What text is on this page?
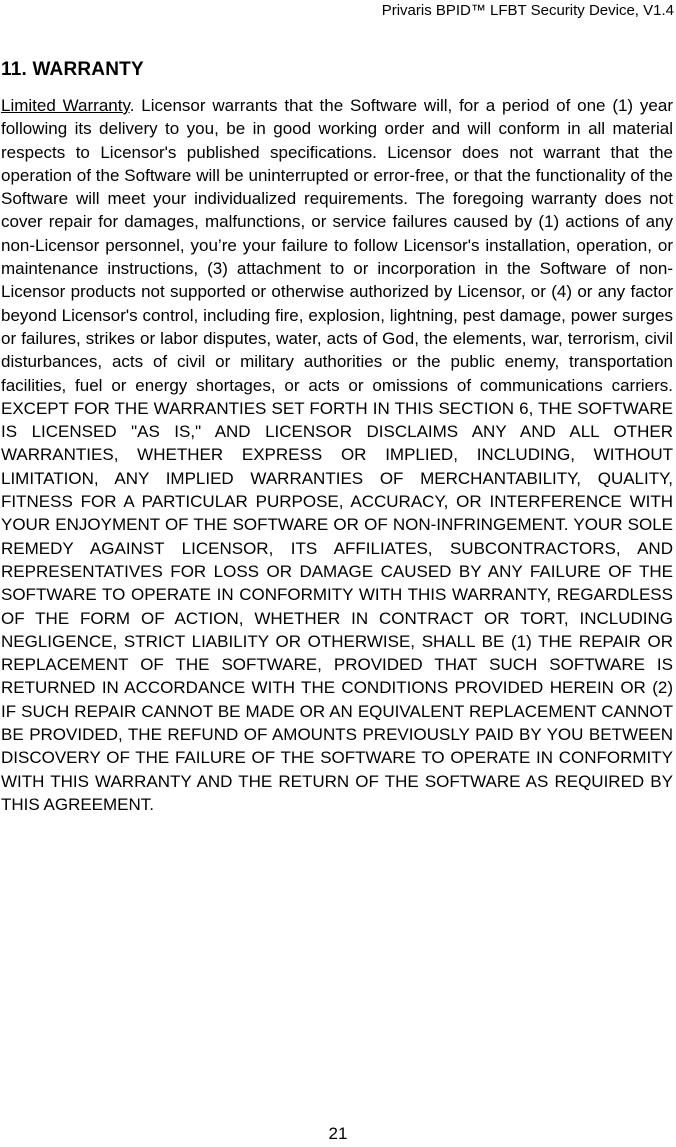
Privaris BPID™ LFBT Security Device, V1.4
11. WARRANTY

Limited Warranty. Licensor warrants that the Software will, for a period of one (1) year following its delivery to you, be in good working order and will conform in all material respects to Licensor's published specifications. Licensor does not warrant that the operation of the Software will be uninterrupted or error-free, or that the functionality of the Software will meet your individualized requirements. The foregoing warranty does not cover repair for damages, malfunctions, or service failures caused by (1) actions of any non-Licensor personnel, you’re your failure to follow Licensor's installation, operation, or maintenance instructions, (3) attachment to or incorporation in the Software of non-Licensor products not supported or otherwise authorized by Licensor, or (4) or any factor beyond Licensor's control, including fire, explosion, lightning, pest damage, power surges or failures, strikes or labor disputes, water, acts of God, the elements, war, terrorism, civil disturbances, acts of civil or military authorities or the public enemy, transportation facilities, fuel or energy shortages, or acts or omissions of communications carriers. EXCEPT FOR THE WARRANTIES SET FORTH IN THIS SECTION 6, THE SOFTWARE IS LICENSED "AS IS," AND LICENSOR DISCLAIMS ANY AND ALL OTHER WARRANTIES, WHETHER EXPRESS OR IMPLIED, INCLUDING, WITHOUT LIMITATION, ANY IMPLIED WARRANTIES OF MERCHANTABILITY, QUALITY, FITNESS FOR A PARTICULAR PURPOSE, ACCURACY, OR INTERFERENCE WITH YOUR ENJOYMENT OF THE SOFTWARE OR OF NON-INFRINGEMENT. YOUR SOLE REMEDY AGAINST LICENSOR, ITS AFFILIATES, SUBCONTRACTORS, AND REPRESENTATIVES FOR LOSS OR DAMAGE CAUSED BY ANY FAILURE OF THE SOFTWARE TO OPERATE IN CONFORMITY WITH THIS WARRANTY, REGARDLESS OF THE FORM OF ACTION, WHETHER IN CONTRACT OR TORT, INCLUDING NEGLIGENCE, STRICT LIABILITY OR OTHERWISE, SHALL BE (1) THE REPAIR OR REPLACEMENT OF THE SOFTWARE, PROVIDED THAT SUCH SOFTWARE IS RETURNED IN ACCORDANCE WITH THE CONDITIONS PROVIDED HEREIN OR (2) IF SUCH REPAIR CANNOT BE MADE OR AN EQUIVALENT REPLACEMENT CANNOT BE PROVIDED, THE REFUND OF AMOUNTS PREVIOUSLY PAID BY YOU BETWEEN DISCOVERY OF THE FAILURE OF THE SOFTWARE TO OPERATE IN CONFORMITY WITH THIS WARRANTY AND THE RETURN OF THE SOFTWARE AS REQUIRED BY THIS AGREEMENT.

21
